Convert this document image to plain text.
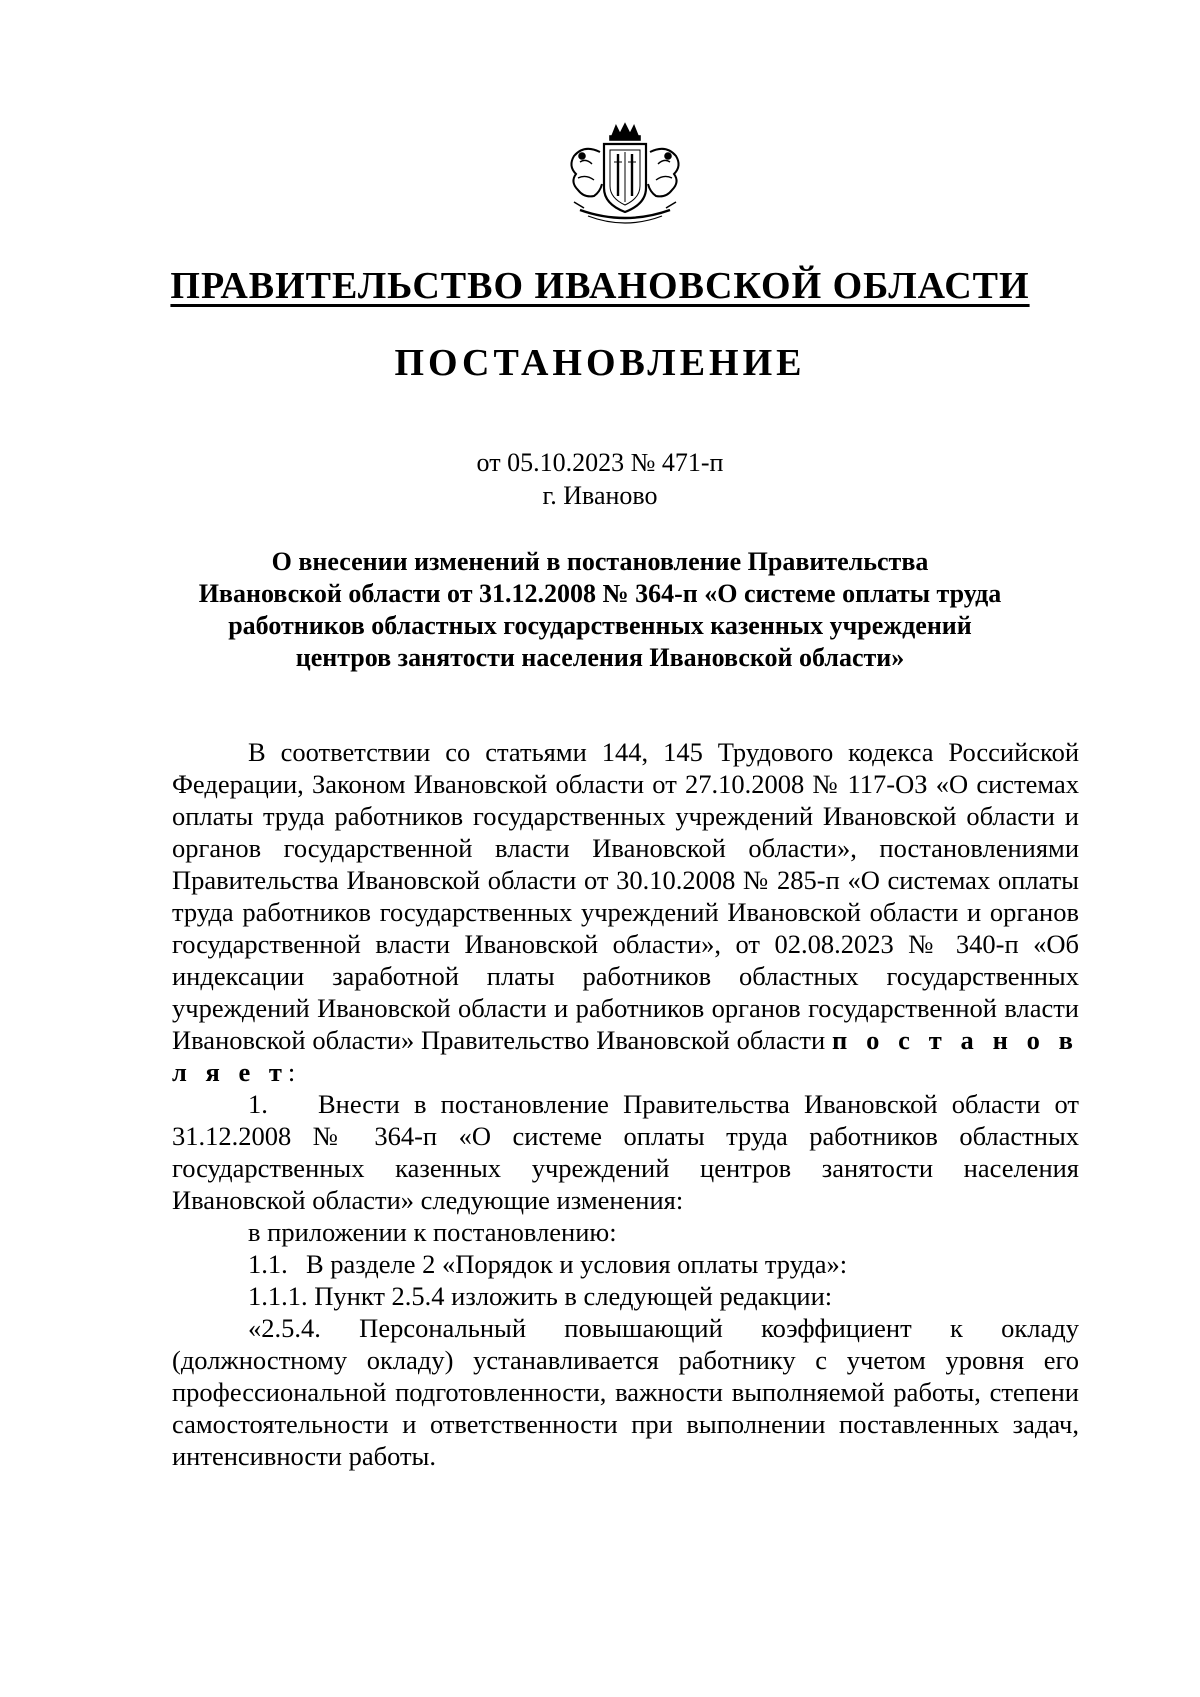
ПРАВИТЕЛЬСТВО ИВАНОВСКОЙ ОБЛАСТИ
ПОСТАНОВЛЕНИЕ
от 05.10.2023 № 471-п
г. Иваново
О внесении изменений в постановление Правительства
Ивановской области от 31.12.2008 № 364-п «О системе оплаты труда
работников областных государственных казенных учреждений
центров занятости населения Ивановской области»

В соответствии со статьями 144, 145 Трудового кодекса Российской Федерации, Законом Ивановской области от 27.10.2008 № 117-ОЗ «О системах оплаты труда работников государственных учреждений Ивановской области и органов государственной власти Ивановской области», постановлениями Правительства Ивановской области от 30.10.2008 № 285-п «О системах оплаты труда работников государственных учреждений Ивановской области и органов государственной власти Ивановской области», от 02.08.2023 № 340-п «Об индексации заработной платы работников областных государственных учреждений Ивановской области и работников органов государственной власти Ивановской области» Правительство Ивановской области п о с т а н о в л я е т:

1. Внести в постановление Правительства Ивановской области от 31.12.2008 № 364-п «О системе оплаты труда работников областных государственных казенных учреждений центров занятости населения Ивановской области» следующие изменения:

в приложении к постановлению:

1.1. В разделе 2 «Порядок и условия оплаты труда»:

1.1.1. Пункт 2.5.4 изложить в следующей редакции:

«2.5.4. Персональный повышающий коэффициент к окладу (должностному окладу) устанавливается работнику с учетом уровня его профессиональной подготовленности, важности выполняемой работы, степени самостоятельности и ответственности при выполнении поставленных задач, интенсивности работы.
